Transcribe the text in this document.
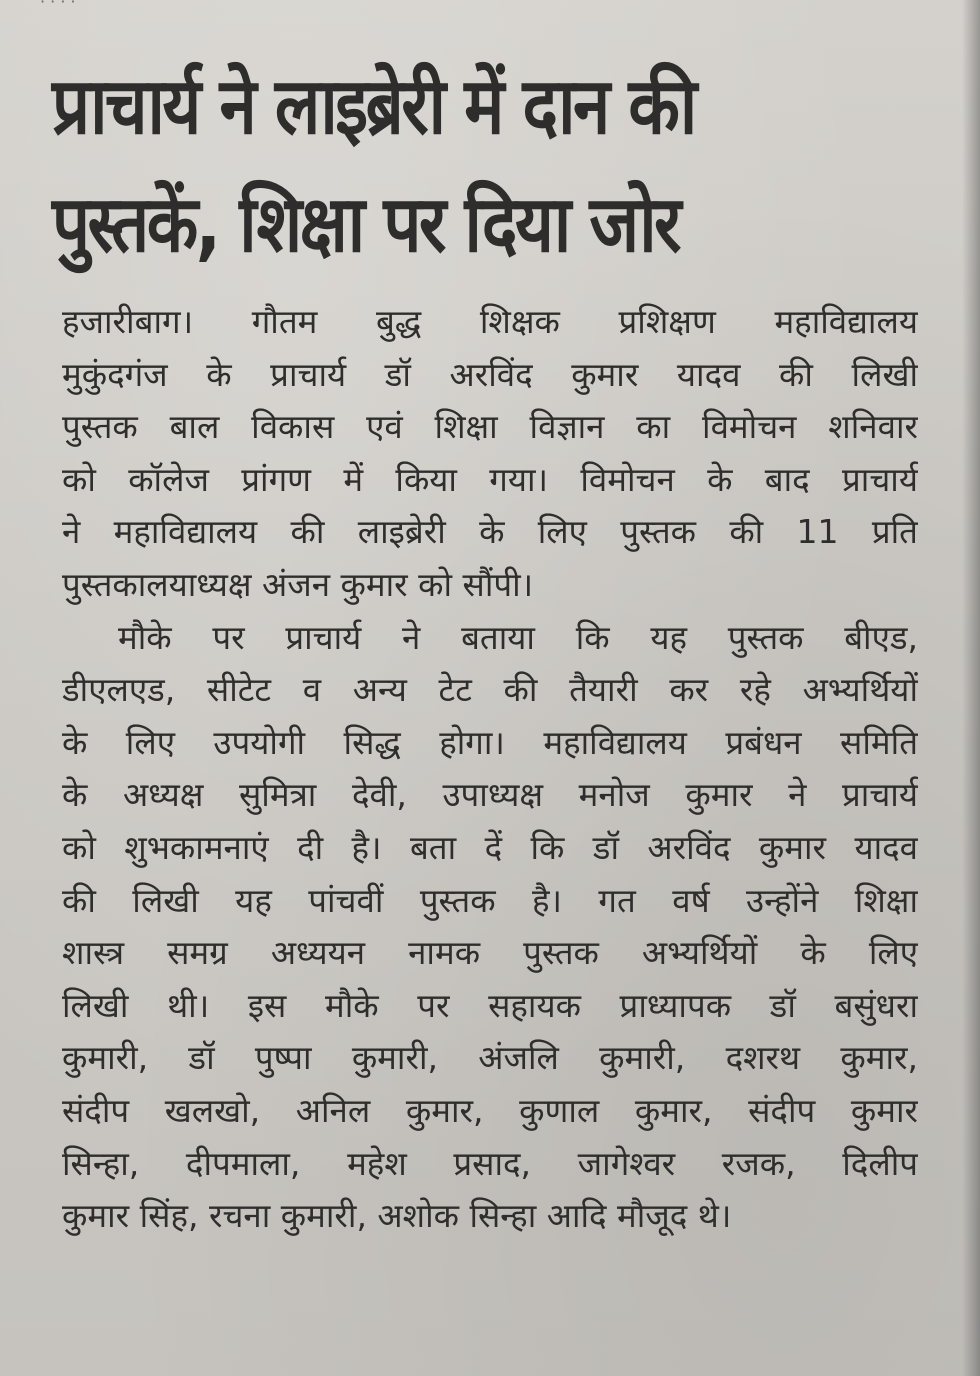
· · · ·
प्राचार्य ने लाइब्रेरी में दान की
पुस्तकें, शिक्षा पर दिया जोर
हजारीबाग। गौतम बुद्ध शिक्षक प्रशिक्षण महाविद्यालय
मुकुंदगंज के प्राचार्य डॉ अरविंद कुमार यादव की लिखी
पुस्तक बाल विकास एवं शिक्षा विज्ञान का विमोचन शनिवार
को कॉलेज प्रांगण में किया गया। विमोचन के बाद प्राचार्य
ने महाविद्यालय की लाइब्रेरी के लिए पुस्तक की 11 प्रति
पुस्तकालयाध्यक्ष अंजन कुमार को सौंपी।
मौके पर प्राचार्य ने बताया कि यह पुस्तक बीएड,
डीएलएड, सीटेट व अन्य टेट की तैयारी कर रहे अभ्यर्थियों
के लिए उपयोगी सिद्ध होगा। महाविद्यालय प्रबंधन समिति
के अध्यक्ष सुमित्रा देवी, उपाध्यक्ष मनोज कुमार ने प्राचार्य
को शुभकामनाएं दी है। बता दें कि डॉ अरविंद कुमार यादव
की लिखी यह पांचवीं पुस्तक है। गत वर्ष उन्होंने शिक्षा
शास्त्र समग्र अध्ययन नामक पुस्तक अभ्यर्थियों के लिए
लिखी थी। इस मौके पर सहायक प्राध्यापक डॉ बसुंधरा
कुमारी, डॉ पुष्पा कुमारी, अंजलि कुमारी, दशरथ कुमार,
संदीप खलखो, अनिल कुमार, कुणाल कुमार, संदीप कुमार
सिन्हा, दीपमाला, महेश प्रसाद, जागेश्वर रजक, दिलीप
कुमार सिंह, रचना कुमारी, अशोक सिन्हा आदि मौजूद थे।
